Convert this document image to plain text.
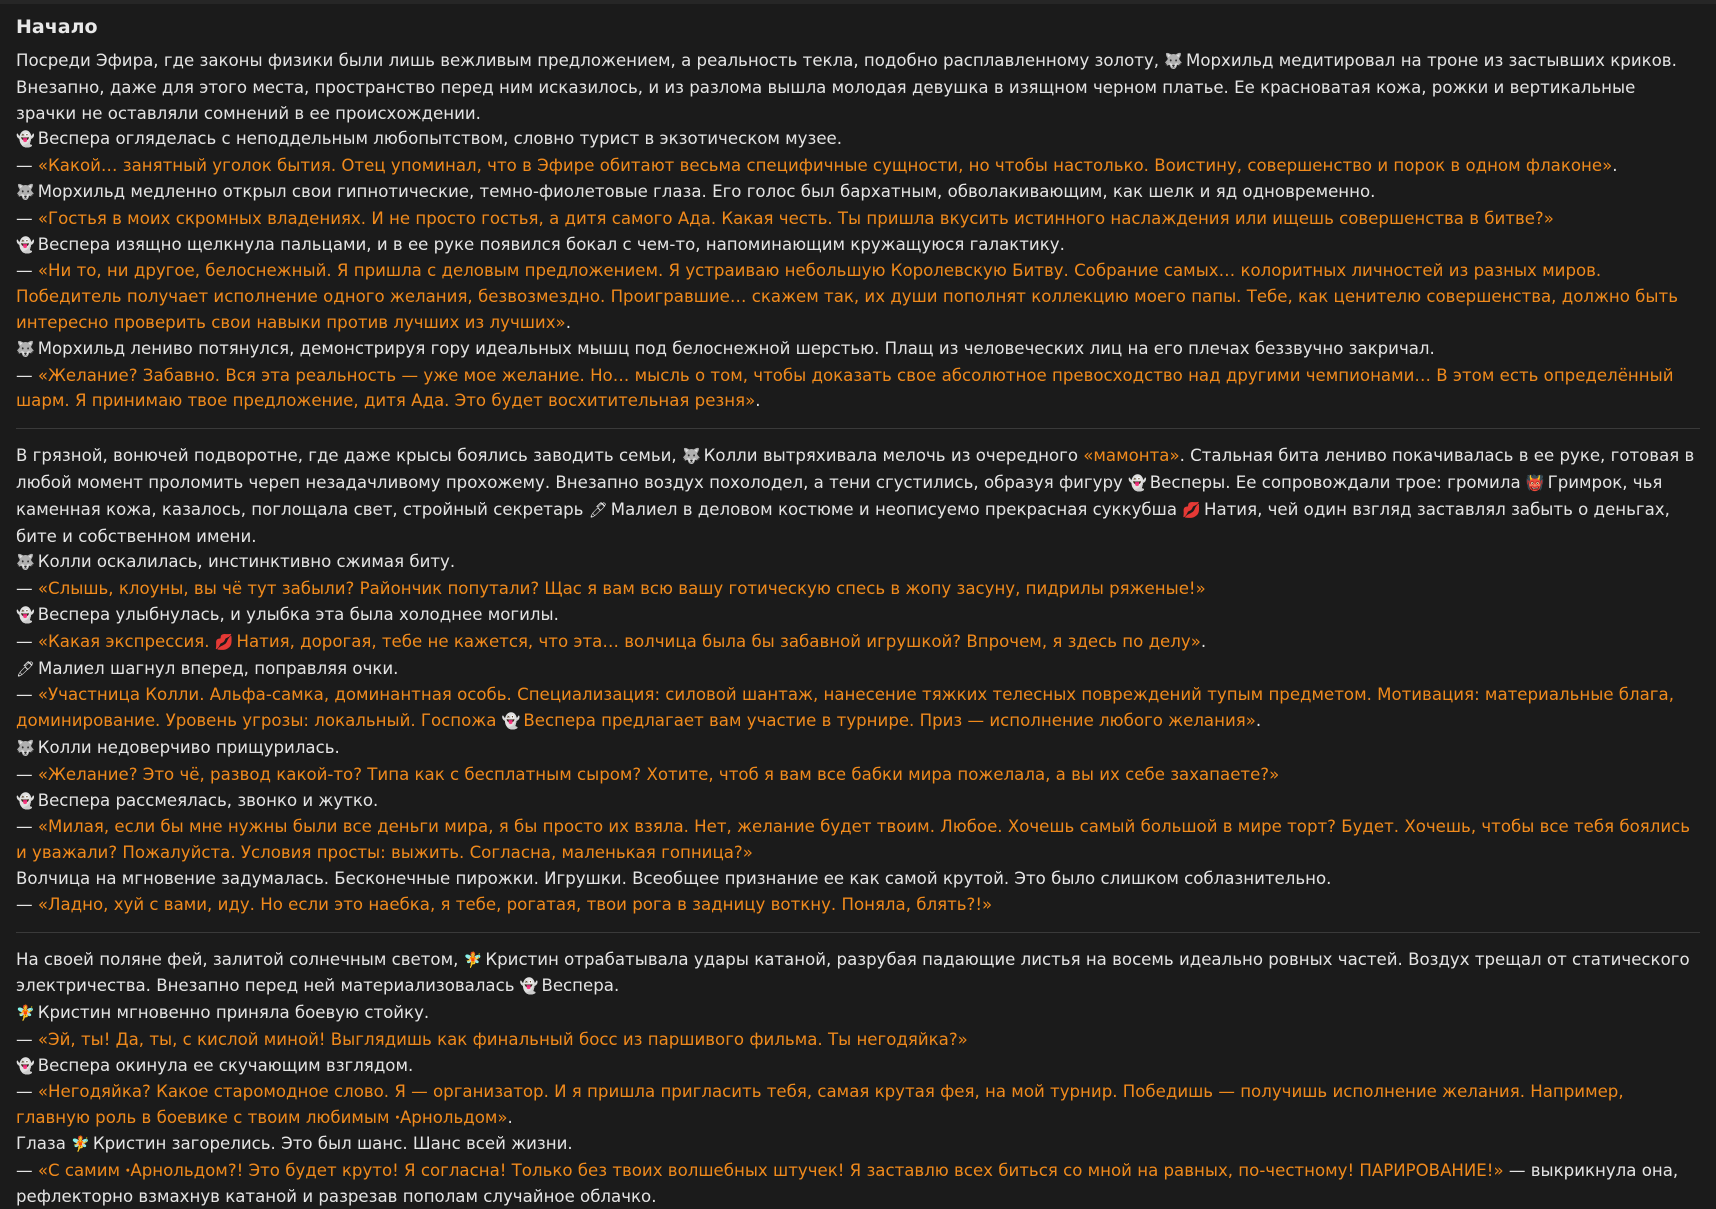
Начало

Посреди Эфира, где законы физики были лишь вежливым предложением, а реальность текла, подобно расплавленному золоту, 🐺 Морхильд медитировал на троне из застывших криков. Внезапно, даже для этого места, пространство перед ним исказилось, и из разлома вышла молодая девушка в изящном черном платье. Ее красноватая кожа, рожки и вертикальные зрачки не оставляли сомнений в ее происхождении.

👻 Веспера огляделась с неподдельным любопытством, словно турист в экзотическом музее.

— «Какой… занятный уголок бытия. Отец упоминал, что в Эфире обитают весьма специфичные сущности, но чтобы настолько. Воистину, совершенство и порок в одном флаконе».

🐺 Морхильд медленно открыл свои гипнотические, темно-фиолетовые глаза. Его голос был бархатным, обволакивающим, как шелк и яд одновременно.

— «Гостья в моих скромных владениях. И не просто гостья, а дитя самого Ада. Какая честь. Ты пришла вкусить истинного наслаждения или ищешь совершенства в битве?»

👻 Веспера изящно щелкнула пальцами, и в ее руке появился бокал с чем-то, напоминающим кружащуюся галактику.

— «Ни то, ни другое, белоснежный. Я пришла с деловым предложением. Я устраиваю небольшую Королевскую Битву. Собрание самых… колоритных личностей из разных миров. Победитель получает исполнение одного желания, безвозмездно. Проигравшие… скажем так, их души пополнят коллекцию моего папы. Тебе, как ценителю совершенства, должно быть интересно проверить свои навыки против лучших из лучших».

🐺 Морхильд лениво потянулся, демонстрируя гору идеальных мышц под белоснежной шерстью. Плащ из человеческих лиц на его плечах беззвучно закричал.

— «Желание? Забавно. Вся эта реальность — уже мое желание. Но… мысль о том, чтобы доказать свое абсолютное превосходство над другими чемпионами… В этом есть определённый шарм. Я принимаю твое предложение, дитя Ада. Это будет восхитительная резня».

В грязной, вонючей подворотне, где даже крысы боялись заводить семьи, 🐺 Колли вытряхивала мелочь из очередного «мамонта». Стальная бита лениво покачивалась в ее руке, готовая в любой момент проломить череп незадачливому прохожему. Внезапно воздух похолодел, а тени сгустились, образуя фигуру 👻 Весперы. Ее сопровождали трое: громила 👹 Гримрок, чья каменная кожа, казалось, поглощала свет, стройный секретарь 🖊 Малиел в деловом костюме и неописуемо прекрасная суккубша 💋 Натия, чей один взгляд заставлял забыть о деньгах, бите и собственном имени.

🐺 Колли оскалилась, инстинктивно сжимая биту.

— «Слышь, клоуны, вы чё тут забыли? Райончик попутали? Щас я вам всю вашу готическую спесь в жопу засуну, пидрилы ряженые!»

👻 Веспера улыбнулась, и улыбка эта была холоднее могилы.

— «Какая экспрессия. 💋 Натия, дорогая, тебе не кажется, что эта… волчица была бы забавной игрушкой? Впрочем, я здесь по делу».

🖊 Малиел шагнул вперед, поправляя очки.

— «Участница Колли. Альфа-самка, доминантная особь. Специализация: силовой шантаж, нанесение тяжких телесных повреждений тупым предметом. Мотивация: материальные блага, доминирование. Уровень угрозы: локальный. Госпожа 👻 Веспера предлагает вам участие в турнире. Приз — исполнение любого желания».

🐺 Колли недоверчиво прищурилась.

— «Желание? Это чё, развод какой-то? Типа как с бесплатным сыром? Хотите, чтоб я вам все бабки мира пожелала, а вы их себе захапаете?»

👻 Веспера рассмеялась, звонко и жутко.

— «Милая, если бы мне нужны были все деньги мира, я бы просто их взяла. Нет, желание будет твоим. Любое. Хочешь самый большой в мире торт? Будет. Хочешь, чтобы все тебя боялись и уважали? Пожалуйста. Условия просты: выжить. Согласна, маленькая гопница?»

Волчица на мгновение задумалась. Бесконечные пирожки. Игрушки. Всеобщее признание ее как самой крутой. Это было слишком соблазнительно.

— «Ладно, хуй с вами, иду. Но если это наебка, я тебе, рогатая, твои рога в задницу воткну. Поняла, блять?!»

На своей поляне фей, залитой солнечным светом, 🧚 Кристин отрабатывала удары катаной, разрубая падающие листья на восемь идеально ровных частей. Воздух трещал от статического электричества. Внезапно перед ней материализовалась 👻 Веспера.

🧚 Кристин мгновенно приняла боевую стойку.

— «Эй, ты! Да, ты, с кислой миной! Выглядишь как финальный босс из паршивого фильма. Ты негодяйка?»

👻 Веспера окинула ее скучающим взглядом.

— «Негодяйка? Какое старомодное слово. Я — организатор. И я пришла пригласить тебя, самая крутая фея, на мой турнир. Победишь — получишь исполнение желания. Например, главную роль в боевике с твоим любимым ꞏАрнольдом».

Глаза 🧚 Кристин загорелись. Это был шанс. Шанс всей жизни.

— «С самим ꞏАрнольдом?! Это будет круто! Я согласна! Только без твоих волшебных штучек! Я заставлю всех биться со мной на равных, по-честному! ПАРИРОВАНИЕ!» — выкрикнула она, рефлекторно взмахнув катаной и разрезав пополам случайное облачко.
